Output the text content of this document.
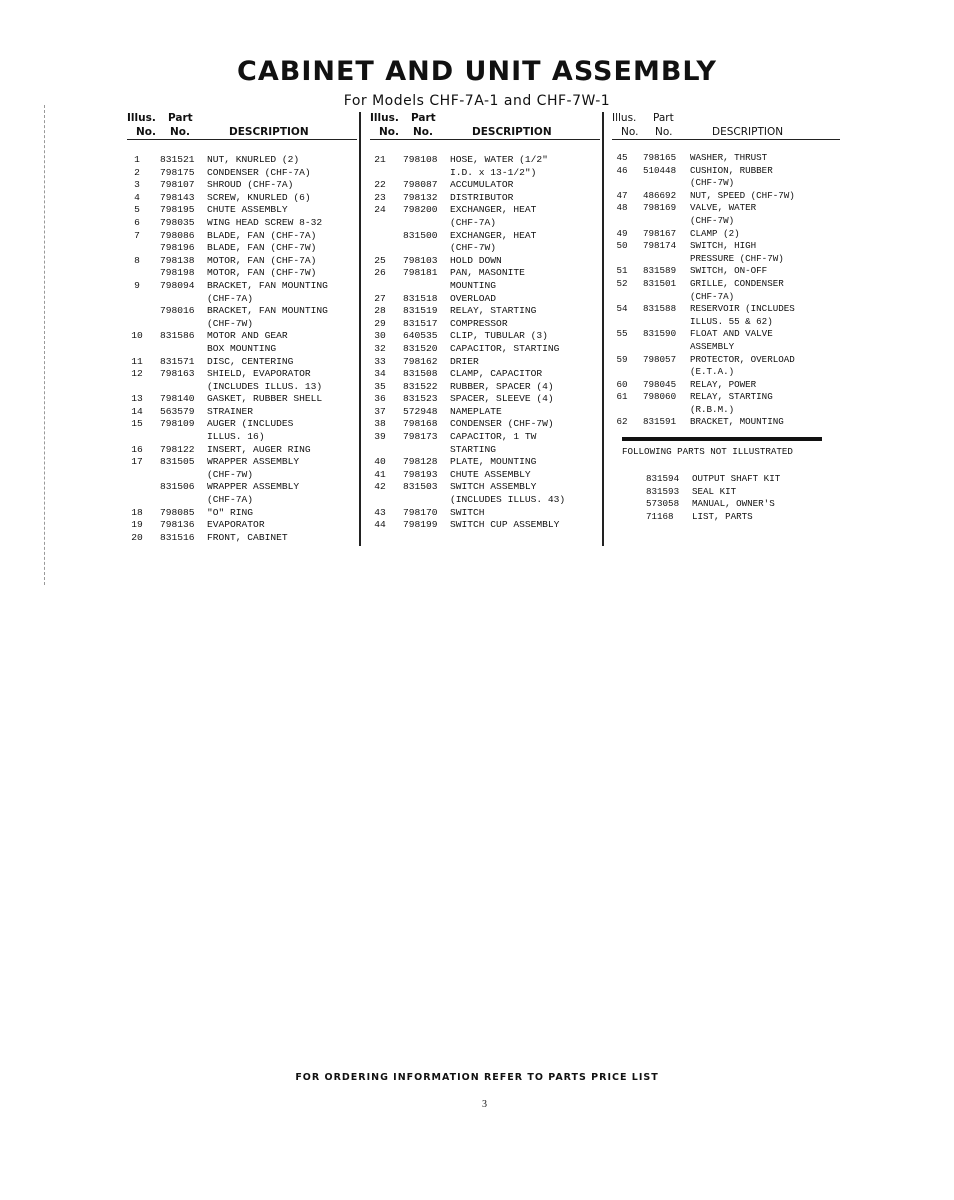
CABINET AND UNIT ASSEMBLY
For Models CHF-7A-1 and CHF-7W-1
Illus. Part
No. No.	DESCRIPTION
1	831521 NUT, KNURLED (2)
2	798175 CONDENSER (CHF-7A)
3	798107 SHROUD (CHF-7A)
4	798143 SCREW, KNURLED (6)
5	798195 CHUTE ASSEMBLY
6	798035 WING HEAD SCREW 8-32
7	798086 BLADE, FAN (CHF-7A)
798196 BLADE, FAN (CHF-7W)
8	798138 MOTOR, FAN (CHF-7A)
798198 MOTOR, FAN (CHF-7W)
9	798094 BRACKET, FAN MOUNTING
(CHF-7A)
798016 BRACKET, FAN MOUNTING
(CHF-7W)
10	831586 MOTOR AND GEAR
BOX MOUNTING
11	831571 DISC, CENTERING
12	798163 SHIELD, EVAPORATOR
(INCLUDES ILLUS. 13)
13	798140 GASKET, RUBBER SHELL
14	563579 STRAINER
15	798109 AUGER (INCLUDES
ILLUS. 16)
16	798122 INSERT, AUGER RING
17	831505 WRAPPER ASSEMBLY
(CHF-7W)
831506 WRAPPER ASSEMBLY
(CHF-7A)
18	798085 "O" RING
19	798136 EVAPORATOR
20	831516 FRONT, CABINET
Illus. Part
No. No.	DESCRIPTION
21	798108 HOSE, WATER (1/2"
I.D. x 13-1/2")
22	798087 ACCUMULATOR
23	798132 DISTRIBUTOR
24	798200 EXCHANGER, HEAT
(CHF-7A)
831500 EXCHANGER, HEAT
(CHF-7W)
25	798103 HOLD DOWN
26	798181 PAN, MASONITE
MOUNTING
27	831518 OVERLOAD
28	831519 RELAY, STARTING
29	831517 COMPRESSOR
30	640535 CLIP, TUBULAR (3)
32	831520 CAPACITOR, STARTING
33	798162 DRIER
34	831508 CLAMP, CAPACITOR
35	831522 RUBBER, SPACER (4)
36	831523 SPACER, SLEEVE (4)
37	572948 NAMEPLATE
38	798168 CONDENSER (CHF-7W)
39	798173 CAPACITOR, 1 TW
STARTING
40	798128 PLATE, MOUNTING
41	798193 CHUTE ASSEMBLY
42	831503 SWITCH ASSEMBLY
(INCLUDES ILLUS. 43)
43	798170 SWITCH
44	798199 SWITCH CUP ASSEMBLY
Illus. Part
No. No.	DESCRIPTION
45	798165 WASHER, THRUST
46	510448 CUSHION, RUBBER
(CHF-7W)
47	486692 NUT, SPEED (CHF-7W)
48	798169 VALVE, WATER
(CHF-7W)
49	798167 CLAMP (2)
50	798174 SWITCH, HIGH
PRESSURE (CHF-7W)
51	831589 SWITCH, ON-OFF
52	831501 GRILLE, CONDENSER
(CHF-7A)
54	831588 RESERVOIR (INCLUDES
ILLUS. 55 & 62)
55	831590 FLOAT AND VALVE
ASSEMBLY
59	798057 PROTECTOR, OVERLOAD
(E.T.A.)
60	798045 RELAY, POWER
61	798060 RELAY, STARTING
(R.B.M.)
62	831591 BRACKET, MOUNTING
FOLLOWING PARTS NOT ILLUSTRATED
831594 OUTPUT SHAFT KIT
831593 SEAL KIT
573058 MANUAL, OWNER'S
71168 LIST, PARTS
FOR ORDERING INFORMATION REFER TO PARTS PRICE LIST
3
